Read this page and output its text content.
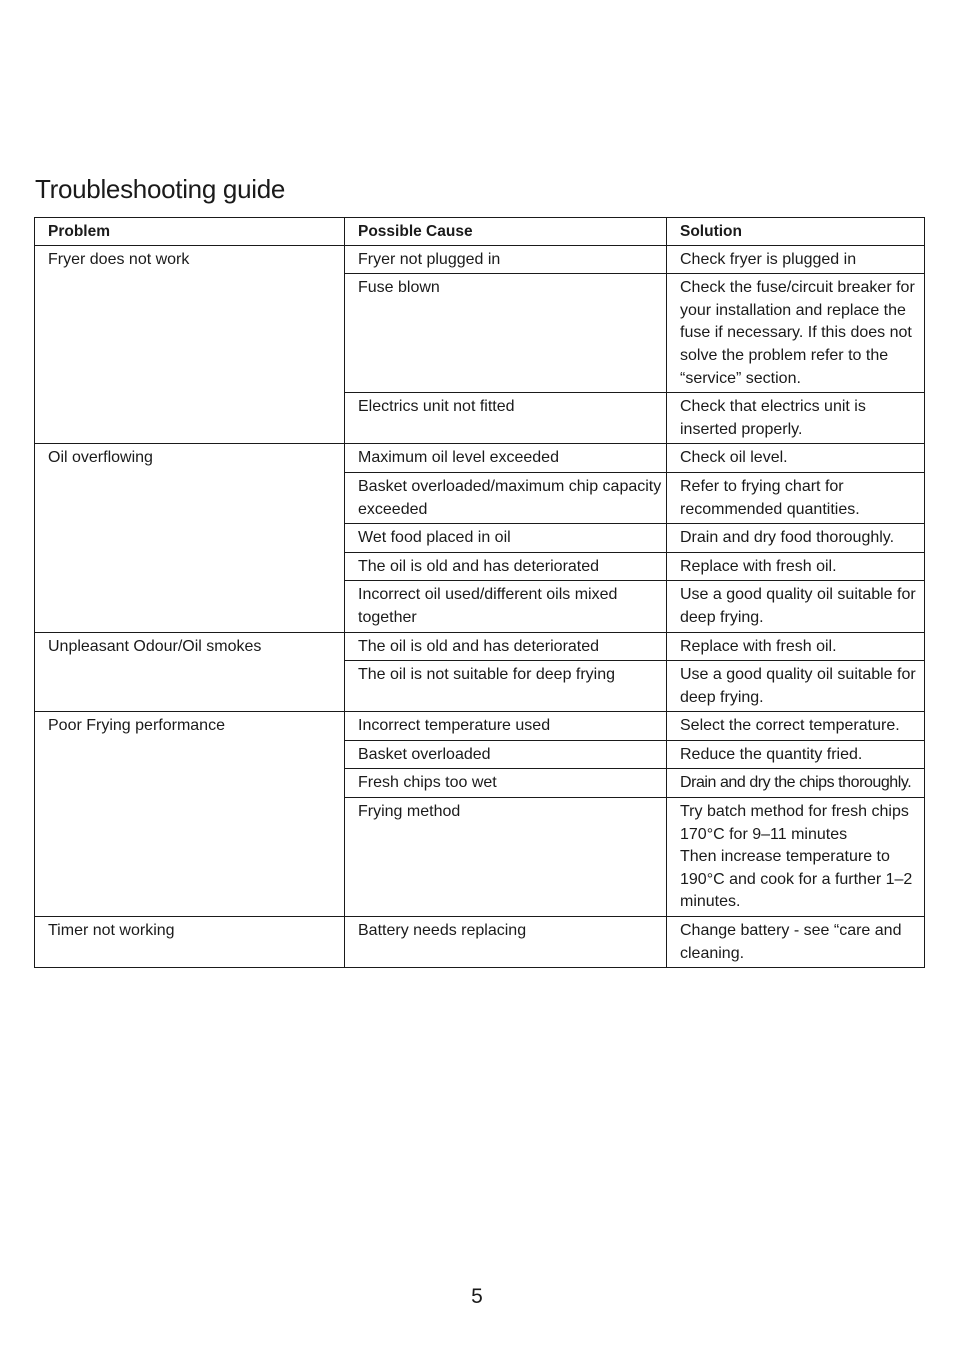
Troubleshooting guide
Problem	Possible Cause	Solution
Fryer does not work	Fryer not plugged in	Check fryer is plugged in
	Fuse blown	Check the fuse/circuit breaker for your installation and replace the fuse if necessary. If this does not solve the problem refer to the “service” section.
	Electrics unit not fitted	Check that electrics unit is inserted properly.
Oil overflowing	Maximum oil level exceeded	Check oil level.
	Basket overloaded/maximum chip capacity exceeded	Refer to frying chart for recommended quantities.
	Wet food placed in oil	Drain and dry food thoroughly.
	The oil is old and has deteriorated	Replace with fresh oil.
	Incorrect oil used/different oils mixed together	Use a good quality oil suitable for deep frying.
Unpleasant Odour/Oil smokes	The oil is old and has deteriorated	Replace with fresh oil.
	The oil is not suitable for deep frying	Use a good quality oil suitable for deep frying.
Poor Frying performance	Incorrect temperature used	Select the correct temperature.
	Basket overloaded	Reduce the quantity fried.
	Fresh chips too wet	Drain and dry the chips thoroughly.
	Frying method	Try batch method for fresh chips 170°C for 9–11 minutes
Then increase temperature to 190°C and cook for a further 1–2 minutes.

Timer not working	Battery needs replacing	Change battery - see “care and cleaning.
5
